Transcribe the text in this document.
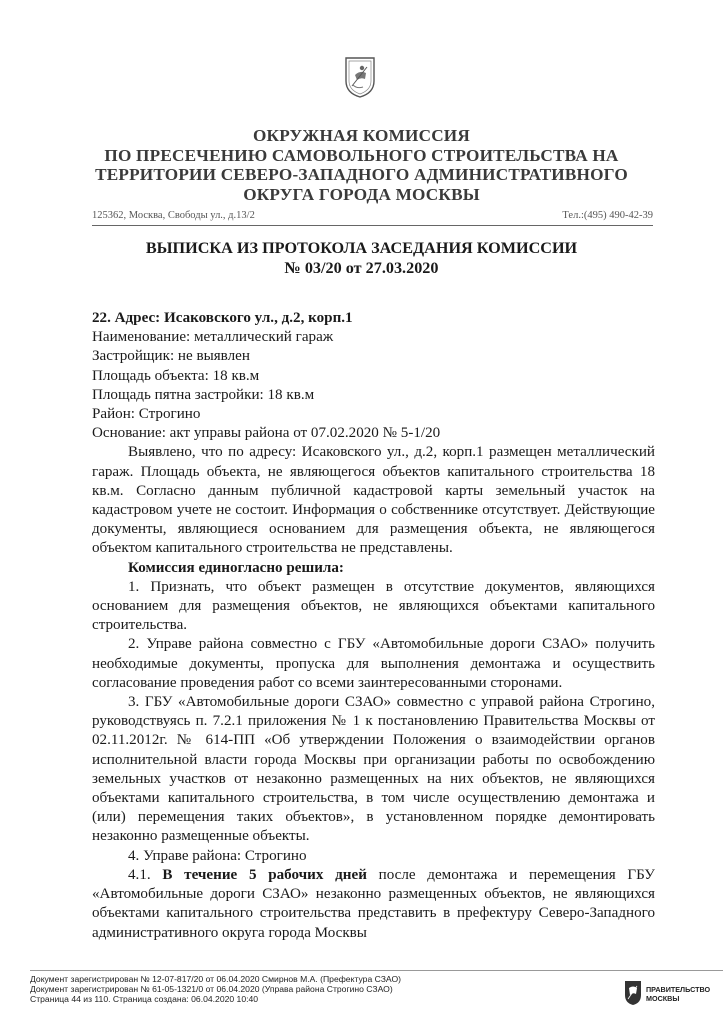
ОКРУЖНАЯ КОМИССИЯ
ПО ПРЕСЕЧЕНИЮ САМОВОЛЬНОГО СТРОИТЕЛЬСТВА НА
ТЕРРИТОРИИ СЕВЕРО-ЗАПАДНОГО АДМИНИСТРАТИВНОГО
ОКРУГА ГОРОДА МОСКВЫ
125362, Москва, Свободы ул., д.13/2	Тел.:(495) 490-42-39
ВЫПИСКА ИЗ ПРОТОКОЛА ЗАСЕДАНИЯ КОМИССИИ
№ 03/20 от 27.03.2020

22. Адрес: Исаковского ул., д.2, корп.1

Наименование: металлический гараж

Застройщик: не выявлен

Площадь объекта: 18 кв.м

Площадь пятна застройки: 18 кв.м

Район: Строгино

Основание: акт управы района от 07.02.2020 № 5-1/20

Выявлено, что по адресу: Исаковского ул., д.2, корп.1 размещен металлический гараж. Площадь объекта, не являющегося объектов капитального строительства 18 кв.м. Согласно данным публичной кадастровой карты земельный участок на кадастровом учете не состоит. Информация о собственнике отсутствует. Действующие документы, являющиеся основанием для размещения объекта, не являющегося объектом капитального строительства не представлены.

Комиссия единогласно решила:

1. Признать, что объект размещен в отсутствие документов, являющихся основанием для размещения объектов, не являющихся объектами капитального строительства.

2. Управе района совместно с ГБУ «Автомобильные дороги СЗАО» получить необходимые документы, пропуска для выполнения демонтажа и осуществить согласование проведения работ со всеми заинтересованными сторонами.

3. ГБУ «Автомобильные дороги СЗАО» совместно с управой района Строгино, руководствуясь п. 7.2.1 приложения № 1 к постановлению Правительства Москвы от 02.11.2012г. № 614-ПП «Об утверждении Положения о взаимодействии органов исполнительной власти города Москвы при организации работы по освобождению земельных участков от незаконно размещенных на них объектов, не являющихся объектами капитального строительства, в том числе осуществлению демонтажа и (или) перемещения таких объектов», в установленном порядке демонтировать незаконно размещенные объекты.

4. Управе района: Строгино

4.1. В течение 5 рабочих дней после демонтажа и перемещения ГБУ «Автомобильные дороги СЗАО» незаконно размещенных объектов, не являющихся объектами капитального строительства представить в префектуру Северо-Западного административного округа города Москвы

Документ зарегистрирован № 12-07-817/20 от 06.04.2020 Смирнов М.А. (Префектура СЗАО)
Документ зарегистрирован № 61-05-1321/0 от 06.04.2020 (Управа района Строгино СЗАО)
Страница 44 из 110. Страница создана: 06.04.2020 10:40
ПРАВИТЕЛЬСТВО
МОСКВЫ
